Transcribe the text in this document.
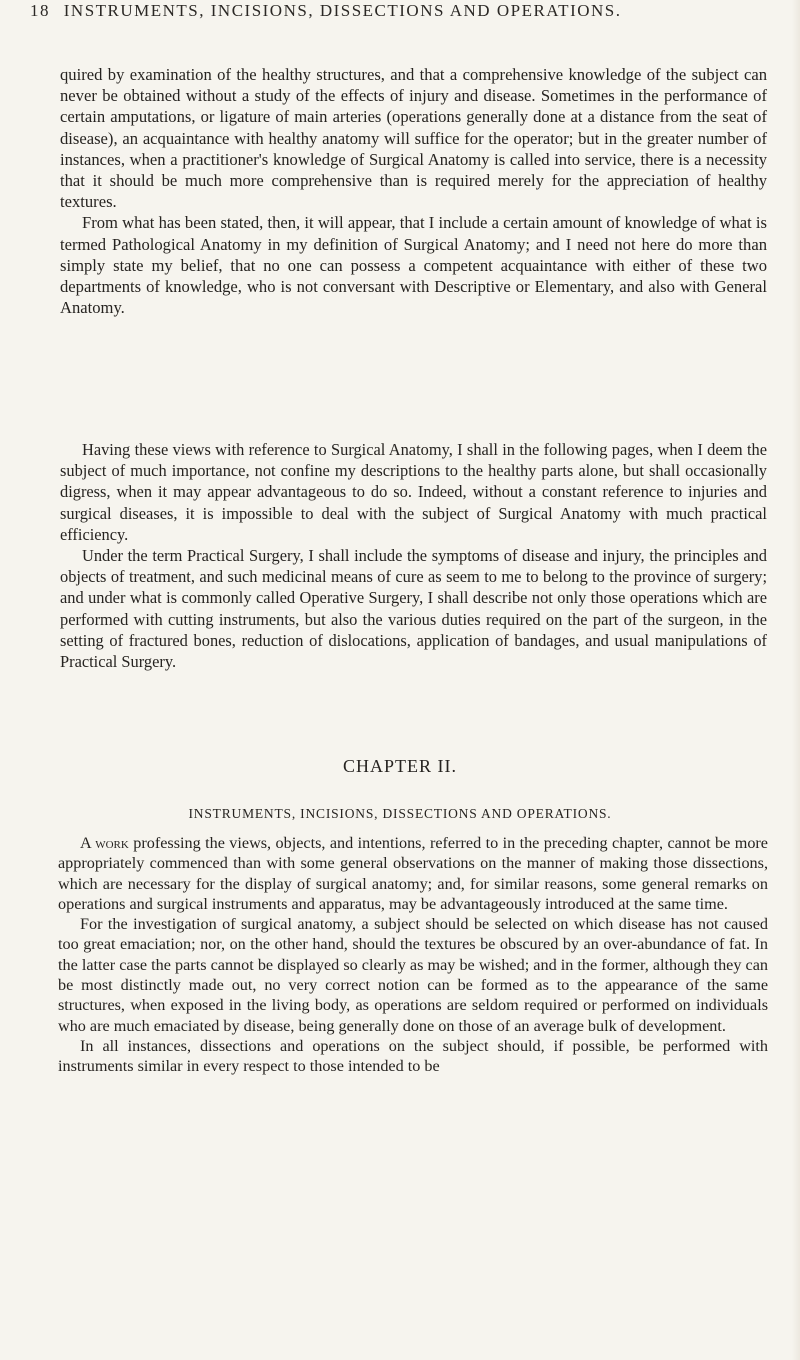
18 INSTRUMENTS, INCISIONS, DISSECTIONS AND OPERATIONS.

quired by examination of the healthy structures, and that a comprehensive knowledge of the subject can never be obtained without a study of the effects of injury and disease. Sometimes in the performance of certain amputations, or ligature of main arteries (operations generally done at a distance from the seat of disease), an acquaintance with healthy anatomy will suffice for the operator; but in the greater number of instances, when a practitioner's knowledge of Surgical Anatomy is called into service, there is a necessity that it should be much more comprehensive than is required merely for the appreciation of healthy textures.

From what has been stated, then, it will appear, that I include a certain amount of knowledge of what is termed Pathological Anatomy in my definition of Surgical Anatomy; and I need not here do more than simply state my belief, that no one can possess a competent acquaintance with either of these two departments of knowledge, who is not conversant with Descriptive or Elementary, and also with General Anatomy.

Having these views with reference to Surgical Anatomy, I shall in the following pages, when I deem the subject of much importance, not confine my descriptions to the healthy parts alone, but shall occasionally digress, when it may appear advantageous to do so. Indeed, without a constant reference to injuries and surgical diseases, it is impossible to deal with the subject of Surgical Anatomy with much practical efficiency.

Under the term Practical Surgery, I shall include the symptoms of disease and injury, the principles and objects of treatment, and such medicinal means of cure as seem to me to belong to the province of surgery; and under what is commonly called Operative Surgery, I shall describe not only those operations which are performed with cutting instruments, but also the various duties required on the part of the surgeon, in the setting of fractured bones, reduction of dislocations, application of bandages, and usual manipulations of Practical Surgery.

CHAPTER II.
INSTRUMENTS, INCISIONS, DISSECTIONS AND OPERATIONS.

A work professing the views, objects, and intentions, referred to in the preceding chapter, cannot be more appropriately commenced than with some general observations on the manner of making those dissections, which are necessary for the display of surgical anatomy; and, for similar reasons, some general remarks on operations and surgical instruments and apparatus, may be advantageously introduced at the same time.

For the investigation of surgical anatomy, a subject should be selected on which disease has not caused too great emaciation; nor, on the other hand, should the textures be obscured by an over-abundance of fat. In the latter case the parts cannot be displayed so clearly as may be wished; and in the former, although they can be most distinctly made out, no very correct notion can be formed as to the appearance of the same structures, when exposed in the living body, as operations are seldom required or performed on individuals who are much emaciated by disease, being generally done on those of an average bulk of development.

In all instances, dissections and operations on the subject should, if possible, be performed with instruments similar in every respect to those intended to be
